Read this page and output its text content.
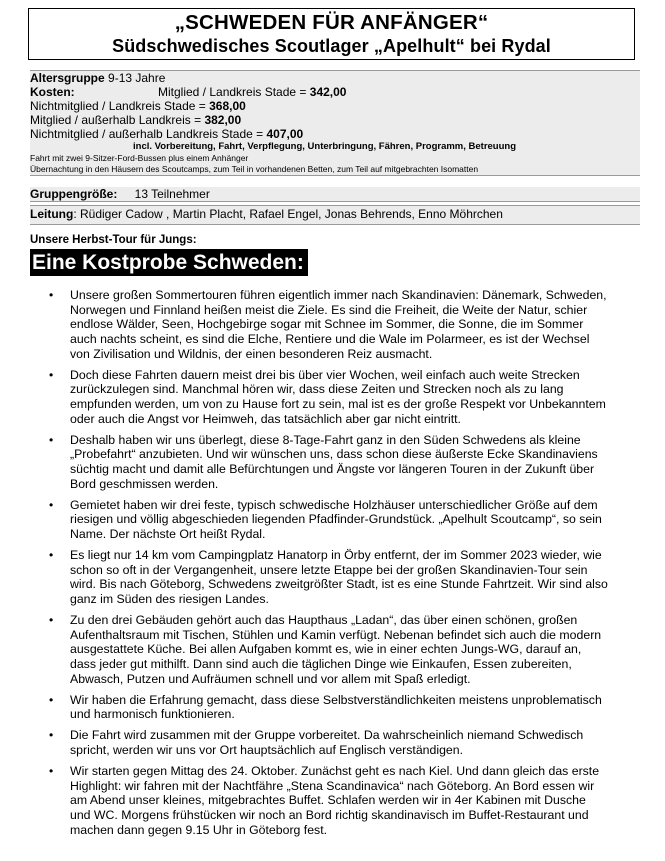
„SCHWEDEN FÜR ANFÄNGER“
Südschwedisches Scoutlager „Apelhult“ bei Rydal
Altersgruppe 9-13 Jahre
Kosten:	Mitglied / Landkreis Stade = 342,00
Nichtmitglied / Landkreis Stade = 368,00
Mitglied / außerhalb Landkreis = 382,00
Nichtmitglied / außerhalb Landkreis Stade = 407,00
incl. Vorbereitung, Fahrt, Verpflegung, Unterbringung, Fähren, Programm, Betreuung
Fahrt mit zwei 9-Sitzer-Ford-Bussen plus einem Anhänger
Übernachtung in den Häusern des Scoutcamps, zum Teil in vorhandenen Betten, zum Teil auf mitgebrachten Isomatten
Gruppengröße: 13 Teilnehmer
Leitung: Rüdiger Cadow , Martin Placht, Rafael Engel, Jonas Behrends, Enno Möhrchen
Unsere Herbst-Tour für Jungs:
Eine Kostprobe Schweden:
• Unsere großen Sommertouren führen eigentlich immer nach Skandinavien: Dänemark, Schweden, Norwegen und Finnland heißen meist die Ziele. Es sind die Freiheit, die Weite der Natur, schier endlose Wälder, Seen, Hochgebirge sogar mit Schnee im Sommer, die Sonne, die im Sommer auch nachts scheint, es sind die Elche, Rentiere und die Wale im Polarmeer, es ist der Wechsel von Zivilisation und Wildnis, der einen besonderen Reiz ausmacht.
• Doch diese Fahrten dauern meist drei bis über vier Wochen, weil einfach auch weite Strecken zurückzulegen sind. Manchmal hören wir, dass diese Zeiten und Strecken noch als zu lang empfunden werden, um von zu Hause fort zu sein, mal ist es der große Respekt vor Unbekanntem oder auch die Angst vor Heimweh, das tatsächlich aber gar nicht eintritt.
• Deshalb haben wir uns überlegt, diese 8-Tage-Fahrt ganz in den Süden Schwedens als kleine „Probefahrt“ anzubieten. Und wir wünschen uns, dass schon diese äußerste Ecke Skandinaviens süchtig macht und damit alle Befürchtungen und Ängste vor längeren Touren in der Zukunft über Bord geschmissen werden.
• Gemietet haben wir drei feste, typisch schwedische Holzhäuser unterschiedlicher Größe auf dem riesigen und völlig abgeschieden liegenden Pfadfinder-Grundstück. „Apelhult Scoutcamp“, so sein Name. Der nächste Ort heißt Rydal.
• Es liegt nur 14 km vom Campingplatz Hanatorp in Örby entfernt, der im Sommer 2023 wieder, wie schon so oft in der Vergangenheit, unsere letzte Etappe bei der großen Skandinavien-Tour sein wird. Bis nach Göteborg, Schwedens zweitgrößter Stadt, ist es eine Stunde Fahrtzeit. Wir sind also ganz im Süden des riesigen Landes.
• Zu den drei Gebäuden gehört auch das Haupthaus „Ladan“, das über einen schönen, großen Aufenthaltsraum mit Tischen, Stühlen und Kamin verfügt. Nebenan befindet sich auch die modern ausgestattete Küche. Bei allen Aufgaben kommt es, wie in einer echten Jungs-WG, darauf an, dass jeder gut mithilft. Dann sind auch die täglichen Dinge wie Einkaufen, Essen zubereiten, Abwasch, Putzen und Aufräumen schnell und vor allem mit Spaß erledigt.
• Wir haben die Erfahrung gemacht, dass diese Selbstverständlichkeiten meistens unproblematisch und harmonisch funktionieren.
• Die Fahrt wird zusammen mit der Gruppe vorbereitet. Da wahrscheinlich niemand Schwedisch spricht, werden wir uns vor Ort hauptsächlich auf Englisch verständigen.
• Wir starten gegen Mittag des 24. Oktober. Zunächst geht es nach Kiel. Und dann gleich das erste Highlight: wir fahren mit der Nachtfähre „Stena Scandinavica“ nach Göteborg. An Bord essen wir am Abend unser kleines, mitgebrachtes Buffet. Schlafen werden wir in 4er Kabinen mit Dusche und WC. Morgens frühstücken wir noch an Bord richtig skandinavisch im Buffet-Restaurant und machen dann gegen 9.15 Uhr in Göteborg fest.
